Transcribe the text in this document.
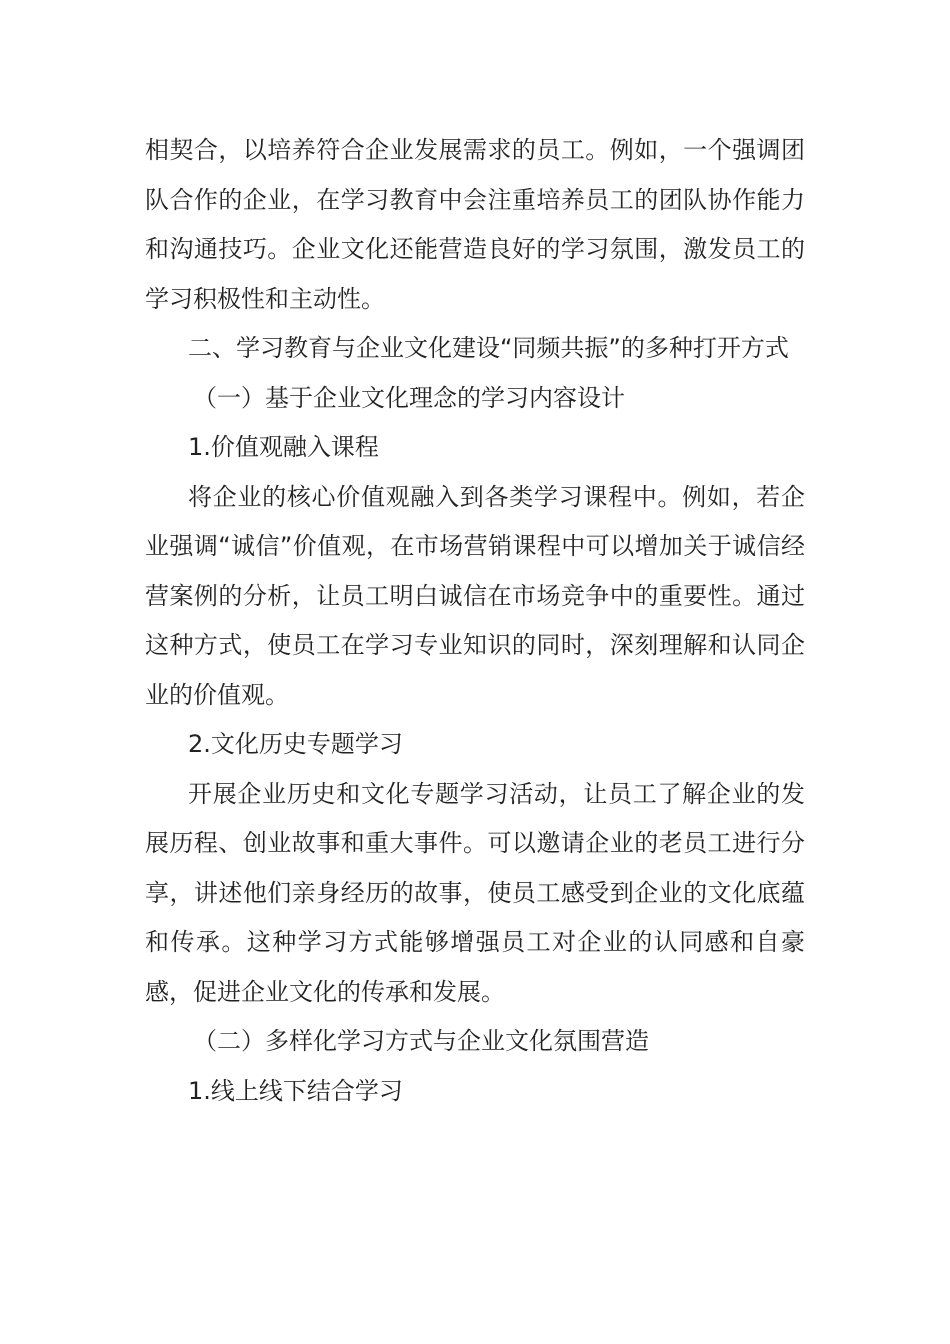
相契合，以培养符合企业发展需求的员工。例如，一个强调团队合作的企业，在学习教育中会注重培养员工的团队协作能力和沟通技巧。企业文化还能营造良好的学习氛围，激发员工的学习积极性和主动性。

二、学习教育与企业文化建设“同频共振”的多种打开方式

（一）基于企业文化理念的学习内容设计

1.价值观融入课程

将企业的核心价值观融入到各类学习课程中。例如，若企业强调“诚信”价值观，在市场营销课程中可以增加关于诚信经营案例的分析，让员工明白诚信在市场竞争中的重要性。通过这种方式，使员工在学习专业知识的同时，深刻理解和认同企业的价值观。

2.文化历史专题学习

开展企业历史和文化专题学习活动，让员工了解企业的发展历程、创业故事和重大事件。可以邀请企业的老员工进行分享，讲述他们亲身经历的故事，使员工感受到企业的文化底蕴和传承。这种学习方式能够增强员工对企业的认同感和自豪感，促进企业文化的传承和发展。

（二）多样化学习方式与企业文化氛围营造

1.线上线下结合学习
